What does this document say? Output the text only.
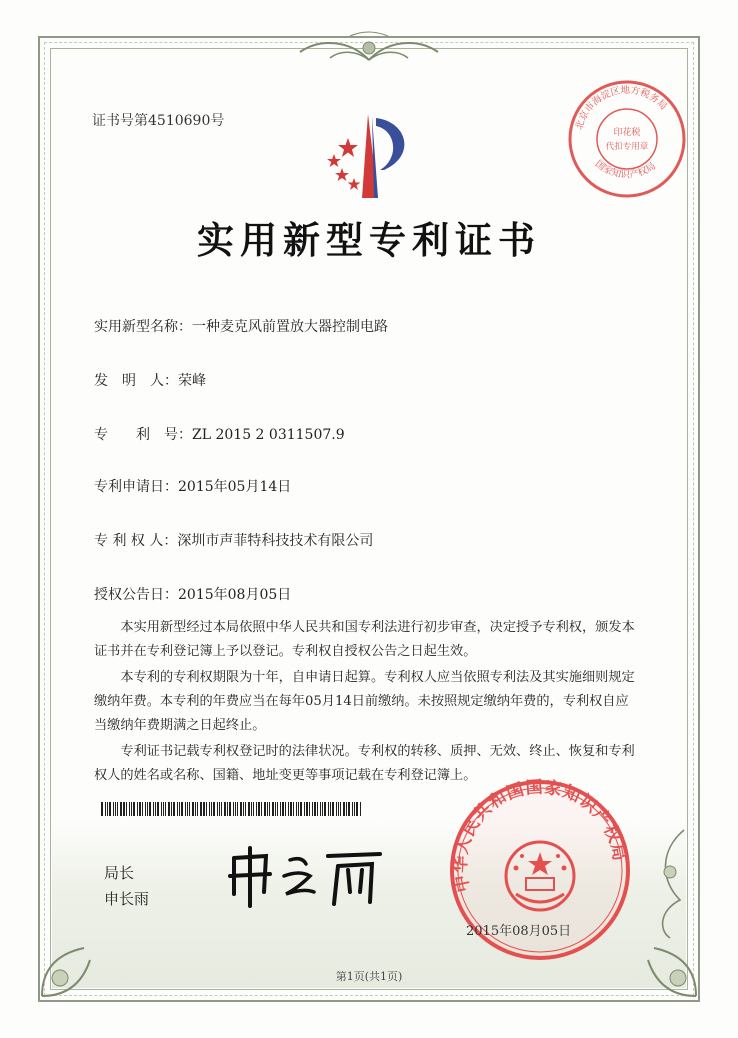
证书号第4510690号
实用新型专利证书
北京市海淀区地方税务局
印花税
代扣专用章
国家知识产权局
实用新型名称：一种麦克风前置放大器控制电路
发　明　人：荣峰
专　　利　号：ZL 2015 2 0311507.9
专利申请日：2015年05月14日
专 利 权 人：深圳市声菲特科技技术有限公司
授权公告日：2015年08月05日

本实用新型经过本局依照中华人民共和国专利法进行初步审查，决定授予专利权，颁发本证书并在专利登记簿上予以登记。专利权自授权公告之日起生效。

本专利的专利权期限为十年，自申请日起算。专利权人应当依照专利法及其实施细则规定缴纳年费。本专利的年费应当在每年05月14日前缴纳。未按照规定缴纳年费的，专利权自应当缴纳年费期满之日起终止。

专利证书记载专利权登记时的法律状况。专利权的转移、质押、无效、终止、恢复和专利权人的姓名或名称、国籍、地址变更等事项记载在专利登记簿上。

局长
申长雨
中华人民共和国国家知识产权局
2015年08月05日
第1页(共1页)
